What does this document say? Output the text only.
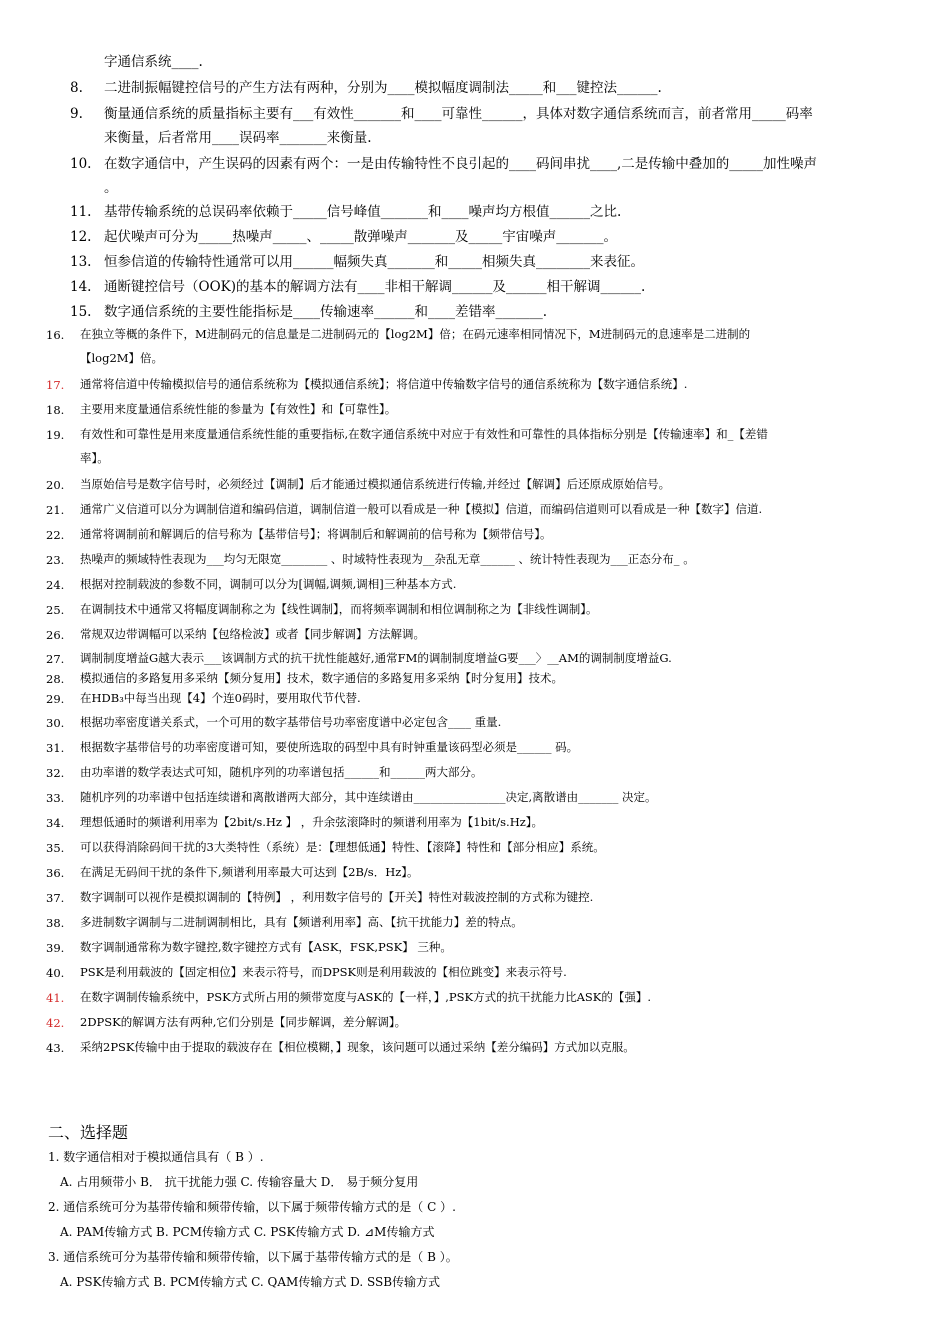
字通信系统____.
8. 二进制振幅键控信号的产生方法有两种，分别为____模拟幅度调制法_____和___键控法______.
9. 衡量通信系统的质量指标主要有___有效性_______和____可靠性______，具体对数字通信系统而言，前者常用_____码率
来衡量，后者常用____误码率_______来衡量.
10. 在数字通信中，产生误码的因素有两个：一是由传输特性不良引起的____码间串扰____,二是传输中叠加的_____加性噪声
。
11. 基带传输系统的总误码率依赖于_____信号峰值_______和____噪声均方根值______之比.
12. 起伏噪声可分为_____热噪声_____、_____散弹噪声_______及_____宇宙噪声_______。
13. 恒参信道的传输特性通常可以用______幅频失真_______和_____相频失真________来表征。
14. 通断键控信号（OOK)的基本的解调方法有____非相干解调______及______相干解调______.
15. 数字通信系统的主要性能指标是____传输速率______和____差错率_______.
16. 在独立等概的条件下，M进制码元的信息量是二进制码元的【log2M】倍；在码元速率相同情况下，M进制码元的息速率是二进制的
【log2M】倍。
17. 通常将信道中传输模拟信号的通信系统称为【模拟通信系统】；将信道中传输数字信号的通信系统称为【数字通信系统】.
18. 主要用来度量通信系统性能的参量为【有效性】和【可靠性】。
19. 有效性和可靠性是用来度量通信系统性能的重要指标,在数字通信系统中对应于有效性和可靠性的具体指标分别是【传输速率】和_【差错
率】。
20. 当原始信号是数字信号时，必须经过【调制】后才能通过模拟通信系统进行传输,并经过【解调】后还原成原始信号。
21. 通常广义信道可以分为调制信道和编码信道，调制信道一般可以看成是一种【模拟】信道，而编码信道则可以看成是一种【数字】信道.
22. 通常将调制前和解调后的信号称为【基带信号】；将调制后和解调前的信号称为【频带信号】。
23. 热噪声的频域特性表现为___均匀无限宽________ 、时域特性表现为__杂乱无章______ 、统计特性表现为___正态分布_ 。
24. 根据对控制载波的参数不同，调制可以分为[调幅,调频,调相]三种基本方式.
25. 在调制技术中通常又将幅度调制称之为【线性调制】，而将频率调制和相位调制称之为【非线性调制】。
26. 常规双边带调幅可以采纳【包络检波】或者【同步解调】方法解调。
27. 调制制度增益G越大表示___该调制方式的抗干扰性能越好,通常FM的调制制度增益G要___〉__AM的调制制度增益G.
28. 模拟通信的多路复用多采纳【频分复用】技术，数字通信的多路复用多采纳【时分复用】技术。
29. 在HDB₃中每当出现【4】个连0码时，要用取代节代替.
30. 根据功率密度谱关系式，一个可用的数字基带信号功率密度谱中必定包含____ 重量.
31. 根据数字基带信号的功率密度谱可知，要使所选取的码型中具有时钟重量该码型必须是______ 码。
32. 由功率谱的数学表达式可知，随机序列的功率谱包括______和______两大部分。
33. 随机序列的功率谱中包括连续谱和离散谱两大部分，其中连续谱由________________决定,离散谱由_______ 决定。
34. 理想低通时的频谱利用率为【2bit/s.Hz 】 ，升余弦滚降时的频谱利用率为【1bit/s.Hz】。
35. 可以获得消除码间干扰的3大类特性（系统）是：【理想低通】特性、【滚降】特性和【部分相应】系统。
36. 在满足无码间干扰的条件下,频谱利用率最大可达到【2B/s．Hz】。
37. 数字调制可以视作是模拟调制的【特例】 ，利用数字信号的【开关】特性对载波控制的方式称为键控.
38. 多进制数字调制与二进制调制相比，具有【频谱利用率】高、【抗干扰能力】差的特点。
39. 数字调制通常称为数字键控,数字键控方式有【ASK，FSK,PSK】 三种。
40. PSK是利用载波的【固定相位】来表示符号，而DPSK则是利用载波的【相位跳变】来表示符号.
41. 在数字调制传输系统中，PSK方式所占用的频带宽度与ASK的【一样，】,PSK方式的抗干扰能力比ASK的【强】.
42. 2DPSK的解调方法有两种,它们分别是【同步解调，差分解调】。
43. 采纳2PSK传输中由于提取的载波存在【相位模糊，】现象，该问题可以通过采纳【差分编码】方式加以克服。
二、选择题
1. 数字通信相对于模拟通信具有（ B ）.
A. 占用频带小 B． 抗干扰能力强 C. 传输容量大 D． 易于频分复用
2. 通信系统可分为基带传输和频带传输，以下属于频带传输方式的是（ C ）.
A. PAM传输方式 B. PCM传输方式 C. PSK传输方式 D. ⊿M传输方式
3. 通信系统可分为基带传输和频带传输，以下属于基带传输方式的是（ B ）。
A. PSK传输方式 B. PCM传输方式 C. QAM传输方式 D. SSB传输方式
